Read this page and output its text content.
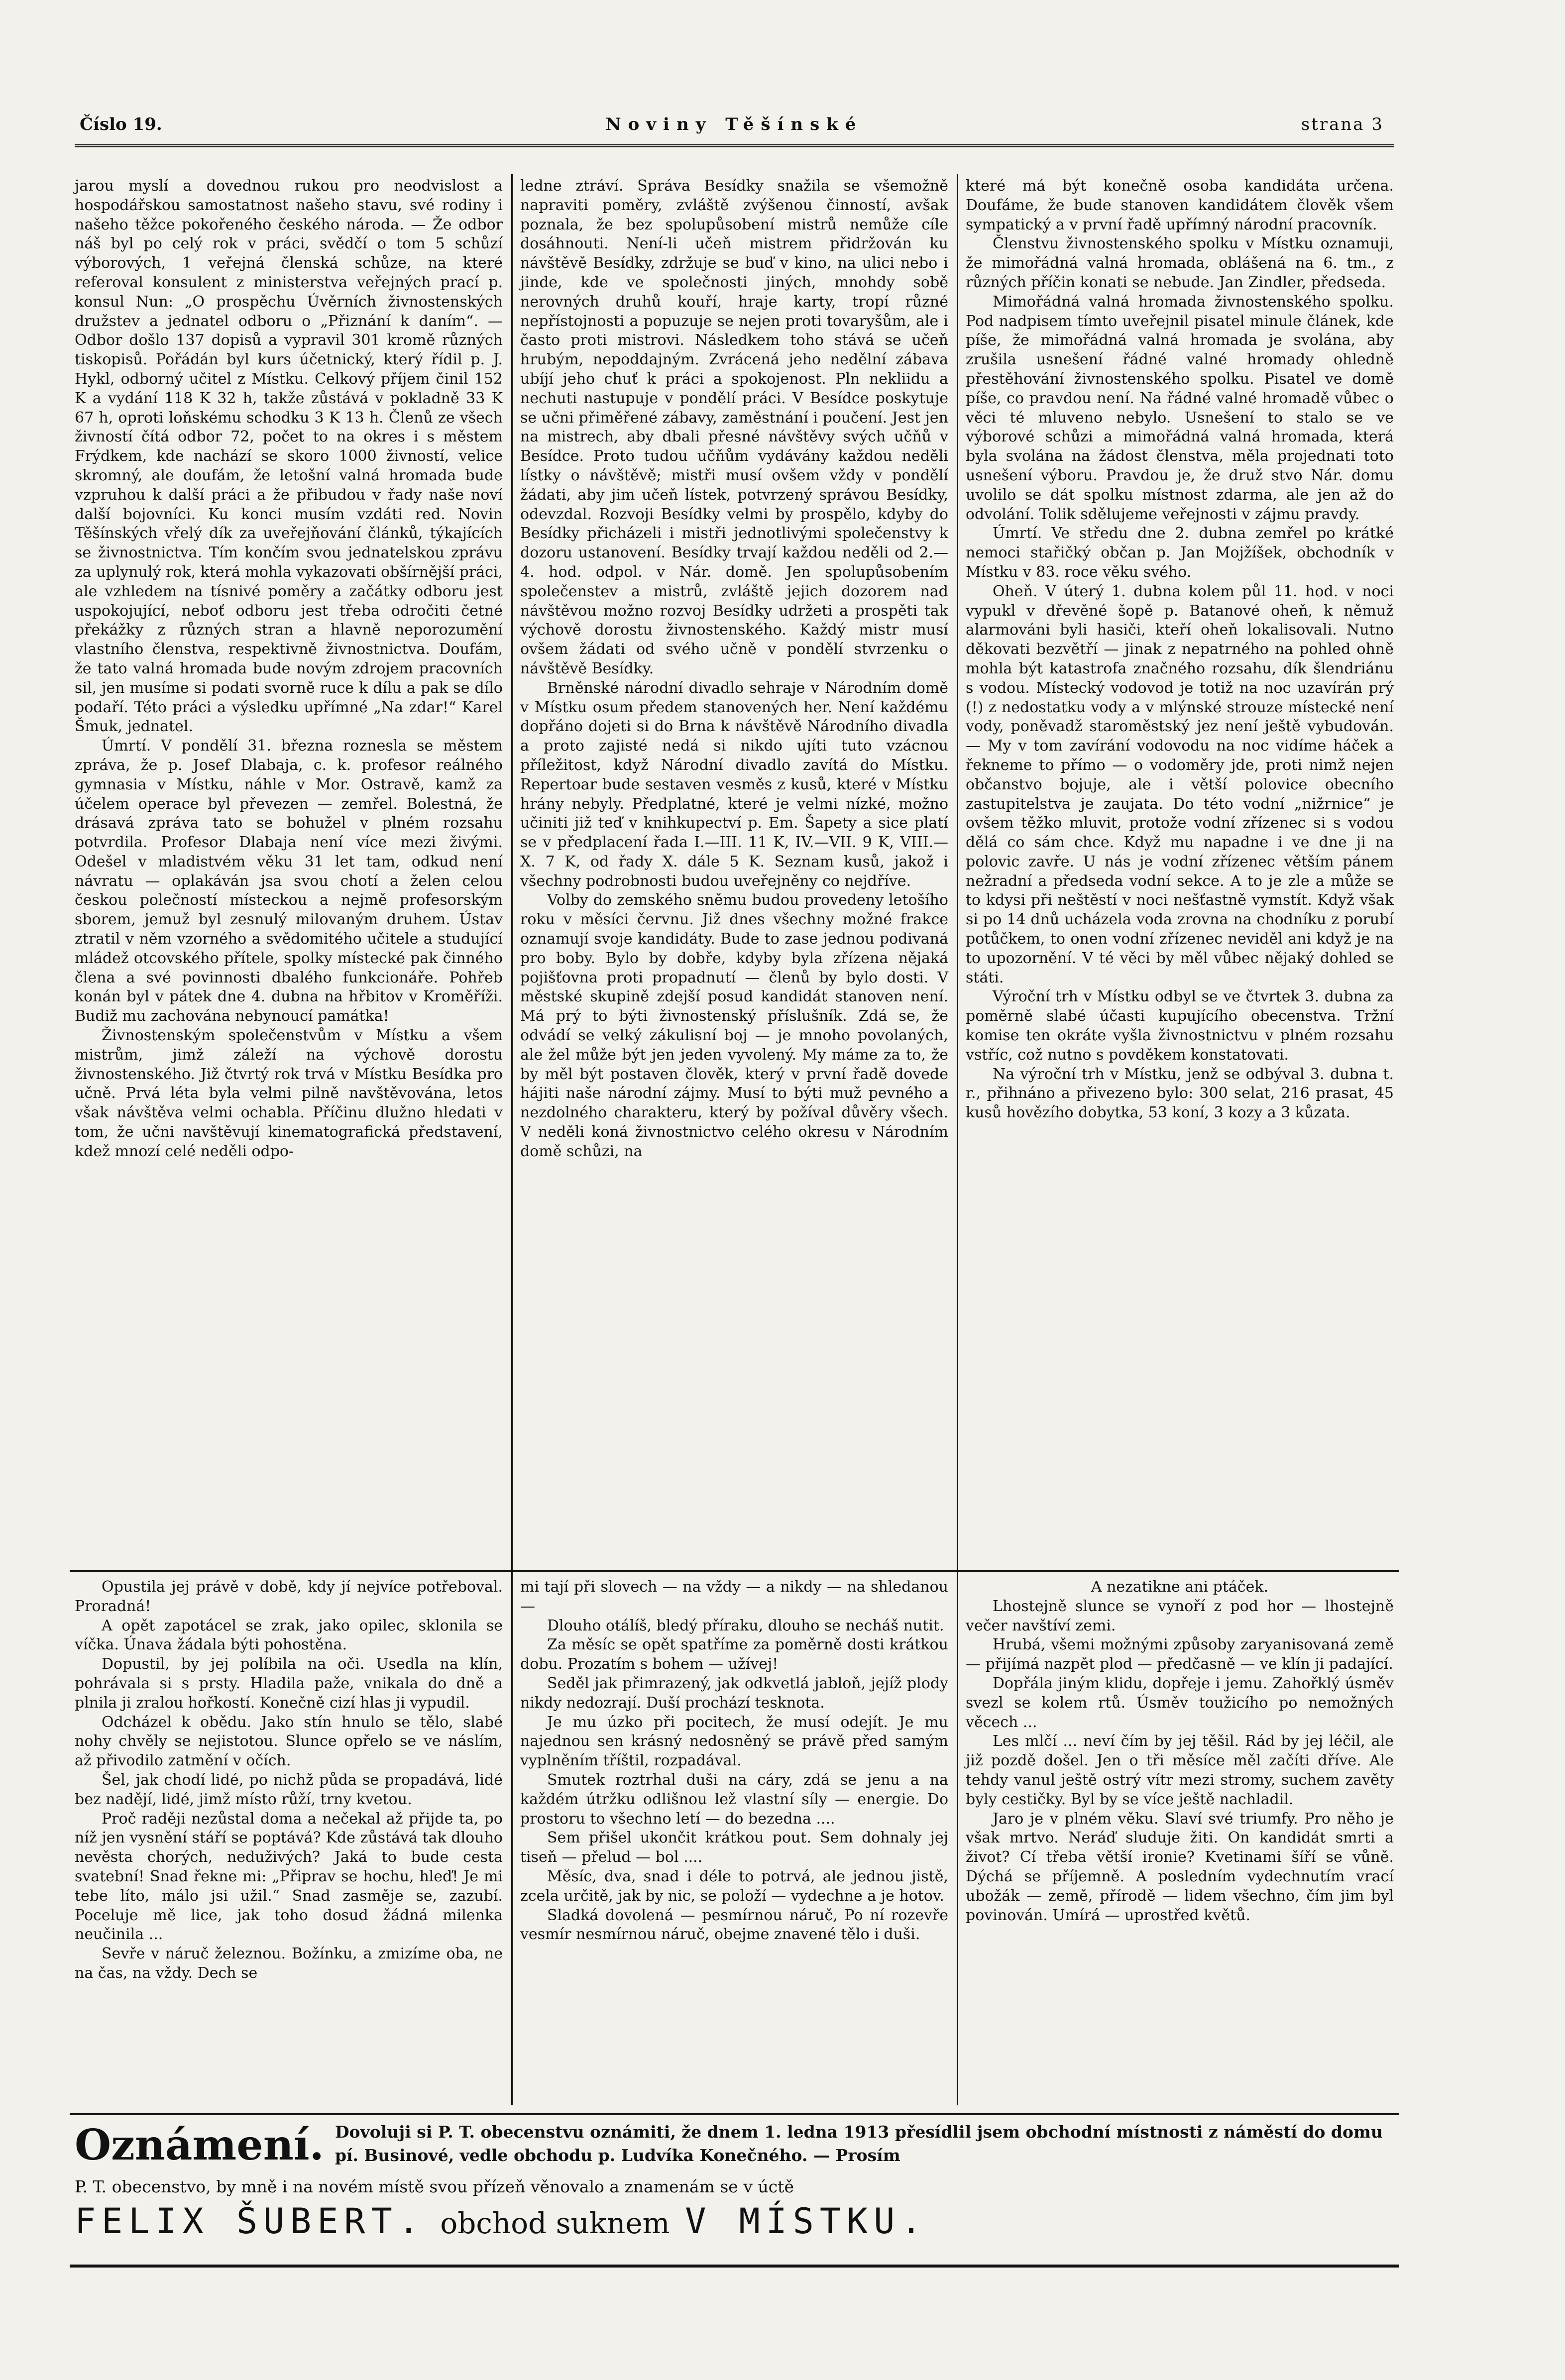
Číslo 19.	Noviny Těšínské	strana 3

jarou myslí a dovednou rukou pro neodvislost a hospodářskou samostatnost našeho stavu, své rodiny i našeho těžce pokořeného českého národa. — Že odbor náš byl po celý rok v práci, svědčí o tom 5 schůzí výborových, 1 veřejná členská schůze, na které referoval konsulent z ministerstva veřejných prací p. konsul Nun: „O prospěchu Úvěrních živnostenských družstev a jednatel odboru o „Přiznání k daním“. — Odbor došlo 137 dopisů a vypravil 301 kromě různých tiskopisů. Pořádán byl kurs účetnický, který řídil p. J. Hykl, odborný učitel z Místku. Celkový příjem činil 152 K a vydání 118 K 32 h, takže zůstává v pokladně 33 K 67 h, oproti loňskému schodku 3 K 13 h. Členů ze všech živností čítá odbor 72, počet to na okres i s městem Frýdkem, kde nachází se skoro 1000 živností, velice skromný, ale doufám, že letošní valná hromada bude vzpruhou k další práci a že přibudou v řady naše noví další bojovníci. Ku konci musím vzdáti red. Novin Těšínských vřelý dík za uveřejňování článků, týkajících se živnostnictva. Tím končím svou jednatelskou zprávu za uplynulý rok, která mohla vykazovati obšírnější práci, ale vzhledem na tísnivé poměry a začátky odboru jest uspokojující, neboť odboru jest třeba odročiti četné překážky z různých stran a hlavně neporozumění vlastního členstva, respektivně živnostnictva. Doufám, že tato valná hromada bude novým zdrojem pracovních sil, jen musíme si podati svorně ruce k dílu a pak se dílo podaří. Této práci a výsledku upřímné „Na zdar!“ Karel Šmuk, jednatel.

Úmrtí. V pondělí 31. března roznesla se městem zpráva, že p. Josef Dlabaja, c. k. profesor reálného gymnasia v Místku, náhle v Mor. Ostravě, kamž za účelem operace byl převezen — zemřel. Bolestná, že drásavá zpráva tato se bohužel v plném rozsahu potvrdila. Profesor Dlabaja není více mezi živými. Odešel v mladistvém věku 31 let tam, odkud není návratu — oplakáván jsa svou chotí a želen celou českou polečností místeckou a nejmě profesorským sborem, jemuž byl zesnulý milovaným druhem. Ústav ztratil v něm vzorného a svědomitého učitele a studující mládež otcovského přítele, spolky místecké pak činného člena a své povinnosti dbalého funkcionáře. Pohřeb konán byl v pátek dne 4. dubna na hřbitov v Kroměříži. Budiž mu zachována nebynoucí památka!

Živnostenským společenstvům v Místku a všem mistrům, jimž záleží na výchově dorostu živnostenského. Již čtvrtý rok trvá v Místku Besídka pro učně. Prvá léta byla velmi pilně navštěvována, letos však návštěva velmi ochabla. Příčinu dlužno hledati v tom, že učni navštěvují kinematografická představení, kdež mnozí celé neděli odpo-

ledne ztráví. Správa Besídky snažila se všemožně napraviti poměry, zvláště zvýšenou činností, avšak poznala, že bez spolupůsobení mistrů nemůže cíle dosáhnouti. Není-li učeň mistrem přidržován ku návštěvě Besídky, zdržuje se buď v kino, na ulici nebo i jinde, kde ve společnosti jiných, mnohdy sobě nerovných druhů kouří, hraje karty, tropí různé nepřístojnosti a popuzuje se nejen proti tovaryšům, ale i často proti mistrovi. Následkem toho stává se učeň hrubým, nepoddajným. Zvrácená jeho nedělní zábava ubíjí jeho chuť k práci a spokojenost. Pln nekliidu a nechuti nastupuje v pondělí práci. V Besídce poskytuje se učni přiměřené zábavy, zaměstnání i poučení. Jest jen na mistrech, aby dbali přesné návštěvy svých učňů v Besídce. Proto tudou učňům vydávány každou neděli lístky o návštěvě; mistři musí ovšem vždy v pondělí žádati, aby jim učeň lístek, potvrzený správou Besídky, odevzdal. Rozvoji Besídky velmi by prospělo, kdyby do Besídky přicházeli i mistři jednotlivými společenstvy k dozoru ustanovení. Besídky trvají každou neděli od 2.—4. hod. odpol. v Nár. domě. Jen spolupůsobením společenstev a mistrů, zvláště jejich dozorem nad návštěvou možno rozvoj Besídky udržeti a prospěti tak výchově dorostu živnostenského. Každý mistr musí ovšem žádati od svého učně v pondělí stvrzenku o návštěvě Besídky.

Brněnské národní divadlo sehraje v Národním domě v Místku osum předem stanovených her. Není každému dopřáno dojeti si do Brna k návštěvě Národního divadla a proto zajisté nedá si nikdo ujíti tuto vzácnou příležitost, když Národní divadlo zavítá do Místku. Repertoar bude sestaven vesměs z kusů, které v Místku hrány nebyly. Předplatné, které je velmi nízké, možno učiniti již teď v knihkupectví p. Em. Šapety a sice platí se v předplacení řada I.—III. 11 K, IV.—VII. 9 K, VIII.—X. 7 K, od řady X. dále 5 K. Seznam kusů, jakož i všechny podrobnosti budou uveřejněny co nejdříve.

Volby do zemského sněmu budou provedeny letošího roku v měsíci červnu. Již dnes všechny možné frakce oznamují svoje kandidáty. Bude to zase jednou podivaná pro boby. Bylo by dobře, kdyby byla zřízena nějaká pojišťovna proti propadnutí — členů by bylo dosti. V městské skupině zdejší posud kandidát stanoven není. Má prý to býti živnostenský příslušník. Zdá se, že odvádí se velký zákulisní boj — je mnoho povolaných, ale žel může být jen jeden vyvolený. My máme za to, že by měl být postaven člověk, který v první řadě dovede hájiti naše národní zájmy. Musí to býti muž pevného a nezdolného charakteru, který by požíval důvěry všech. V neděli koná živnostnictvo celého okresu v Národním domě schůzi, na

které má být konečně osoba kandidáta určena. Doufáme, že bude stanoven kandidátem člověk všem sympatický a v první řadě upřímný národní pracovník.

Členstvu živnostenského spolku v Místku oznamuji, že mimořádná valná hromada, oblášená na 6. tm., z různých příčin konati se nebude. Jan Zindler, předseda.

Mimořádná valná hromada živnostenského spolku. Pod nadpisem tímto uveřejnil pisatel minule článek, kde píše, že mimořádná valná hromada je svolána, aby zrušila usnešení řádné valné hromady ohledně přestěhování živnostenského spolku. Pisatel ve domě píše, co pravdou není. Na řádné valné hromadě vůbec o věci té mluveno nebylo. Usnešení to stalo se ve výborové schůzi a mimořádná valná hromada, která byla svolána na žádost členstva, měla projednati toto usnešení výboru. Pravdou je, že druž stvo Nár. domu uvolilo se dát spolku místnost zdarma, ale jen až do odvolání. Tolik sdělujeme veřejnosti v zájmu pravdy.

Úmrtí. Ve středu dne 2. dubna zemřel po krátké nemoci stařičký občan p. Jan Mojžíšek, obchodník v Místku v 83. roce věku svého.

Oheň. V úterý 1. dubna kolem půl 11. hod. v noci vypukl v dřevěné šopě p. Batanové oheň, k němuž alarmováni byli hasiči, kteří oheň lokalisovali. Nutno děkovati bezvětří — jinak z nepatrného na pohled ohně mohla být katastrofa značného rozsahu, dík šlendriánu s vodou. Místecký vodovod je totiž na noc uzavírán prý (!) z nedostatku vody a v mlýnské strouze místecké není vody, poněvadž staroměstský jez není ještě vybudován. — My v tom zavírání vodovodu na noc vidíme háček a řekneme to přímo — o vodoměry jde, proti nimž nejen občanstvo bojuje, ale i větší polovice obecního zastupitelstva je zaujata. Do této vodní „nižrnice“ je ovšem těžko mluvit, protože vodní zřízenec si s vodou dělá co sám chce. Když mu napadne i ve dne ji na polovic zavře. U nás je vodní zřízenec větším pánem nežradní a předseda vodní sekce. A to je zle a může se to kdysi při neštěstí v noci nešťastně vymstít. Když však si po 14 dnů ucházela voda zrovna na chodníku z porubí potůčkem, to onen vodní zřízenec neviděl ani když je na to upozornění. V té věci by měl vůbec nějaký dohled se státi.

Výroční trh v Místku odbyl se ve čtvrtek 3. dubna za poměrně slabé účasti kupujícího obecenstva. Tržní komise ten okráte vyšla živnostnictvu v plném rozsahu vstříc, což nutno s povděkem konstatovati.

Na výroční trh v Místku, jenž se odbýval 3. dubna t. r., přihnáno a přivezeno bylo: 300 selat, 216 prasat, 45 kusů hovězího dobytka, 53 koní, 3 kozy a 3 kůzata.

Opustila jej právě v době, kdy jí nejvíce potřeboval. Proradná!

A opět zapotácel se zrak, jako opilec, sklonila se víčka. Únava žádala býti pohostěna.

Dopustil, by jej políbila na oči. Usedla na klín, pohrávala si s prsty. Hladila paže, vnikala do dně a plnila ji zralou hořkostí. Konečně cizí hlas ji vypudil.

Odcházel k obědu. Jako stín hnulo se tělo, slabé nohy chvěly se nejistotou. Slunce opřelo se ve náslím, až přivodilo zatmění v očích.

Šel, jak chodí lidé, po nichž půda se propadává, lidé bez nadějí, lidé, jimž místo růží, trny kvetou.

Proč raději nezůstal doma a nečekal až přijde ta, po níž jen vysnění stáří se poptává? Kde zůstává tak dlouho nevěsta chorých, neduživých? Jaká to bude cesta svatební! Snad řekne mi: „Připrav se hochu, hleď! Je mi tebe líto, málo jsi užil.“ Snad zasměje se, zazubí. Poceluje mě lice, jak toho dosud žádná milenka neučinila ...

Sevře v náruč železnou. Božínku, a zmizíme oba, ne na čas, na vždy. Dech se

mi tají při slovech — na vždy — a nikdy — na shledanou —

Dlouho otálíš, bledý příraku, dlouho se necháš nutit.

Za měsíc se opět spatříme za poměrně dosti krátkou dobu. Prozatím s bohem — užívej!

Seděl jak přimrazený, jak odkvetlá jabloň, jejíž plody nikdy nedozrají. Duší prochází tesknota.

Je mu úzko při pocitech, že musí odejít. Je mu najednou sen krásný nedosněný se právě před samým vyplněním tříštil, rozpadával.

Smutek roztrhal duši na cáry, zdá se jenu a na každém útržku odlišnou lež vlastní síly — energie. Do prostoru to všechno letí — do bezedna ....

Sem přišel ukončit krátkou pout. Sem dohnaly jej tiseň — přelud — bol ....

Měsíc, dva, snad i déle to potrvá, ale jednou jistě, zcela určitě, jak by nic, se položí — vydechne a je hotov.

Sladká dovolená — pesmírnou náruč, Po ní rozevře vesmír nesmírnou náruč, obejme znavené tělo i duši.

A nezatikne ani ptáček.

Lhostejně slunce se vynoří z pod hor — lhostejně večer navštíví zemi.

Hrubá, všemi možnými způsoby zaryanisovaná země — přijímá nazpět plod — předčasně — ve klín ji padající.

Dopřála jiným klidu, dopřeje i jemu. Zahořklý úsměv svezl se kolem rtů. Úsměv toužicího po nemožných věcech ...

Les mlčí ... neví čím by jej těšil. Rád by jej léčil, ale již pozdě došel. Jen o tři měsíce měl začíti dříve. Ale tehdy vanul ještě ostrý vítr mezi stromy, suchem zavěty byly cestičky. Byl by se více ještě nachladil.

Jaro je v plném věku. Slaví své triumfy. Pro něho je však mrtvo. Neráď sluduje žiti. On kandidát smrti a život? Cí třeba větší ironie? Kvetinami šíří se vůně. Dýchá se příjemně. A posledním vydechnutím vrací ubožák — země, přírodě — lidem všechno, čím jim byl povinován. Umírá — uprostřed květů.

Oznámení. Dovoluji si P. T. obecenstvu oznámiti, že dnem 1. ledna 1913 přesídlil jsem obchodní místnosti z náměstí do domu pí. Businové, vedle obchodu p. Ludvíka Konečného. — Prosím
P. T. obecenstvo, by mně i na novém místě svou přízeň věnovalo a znamenám se v úctě
FELIX ŠUBERT. obchod suknem V MÍSTKU.
